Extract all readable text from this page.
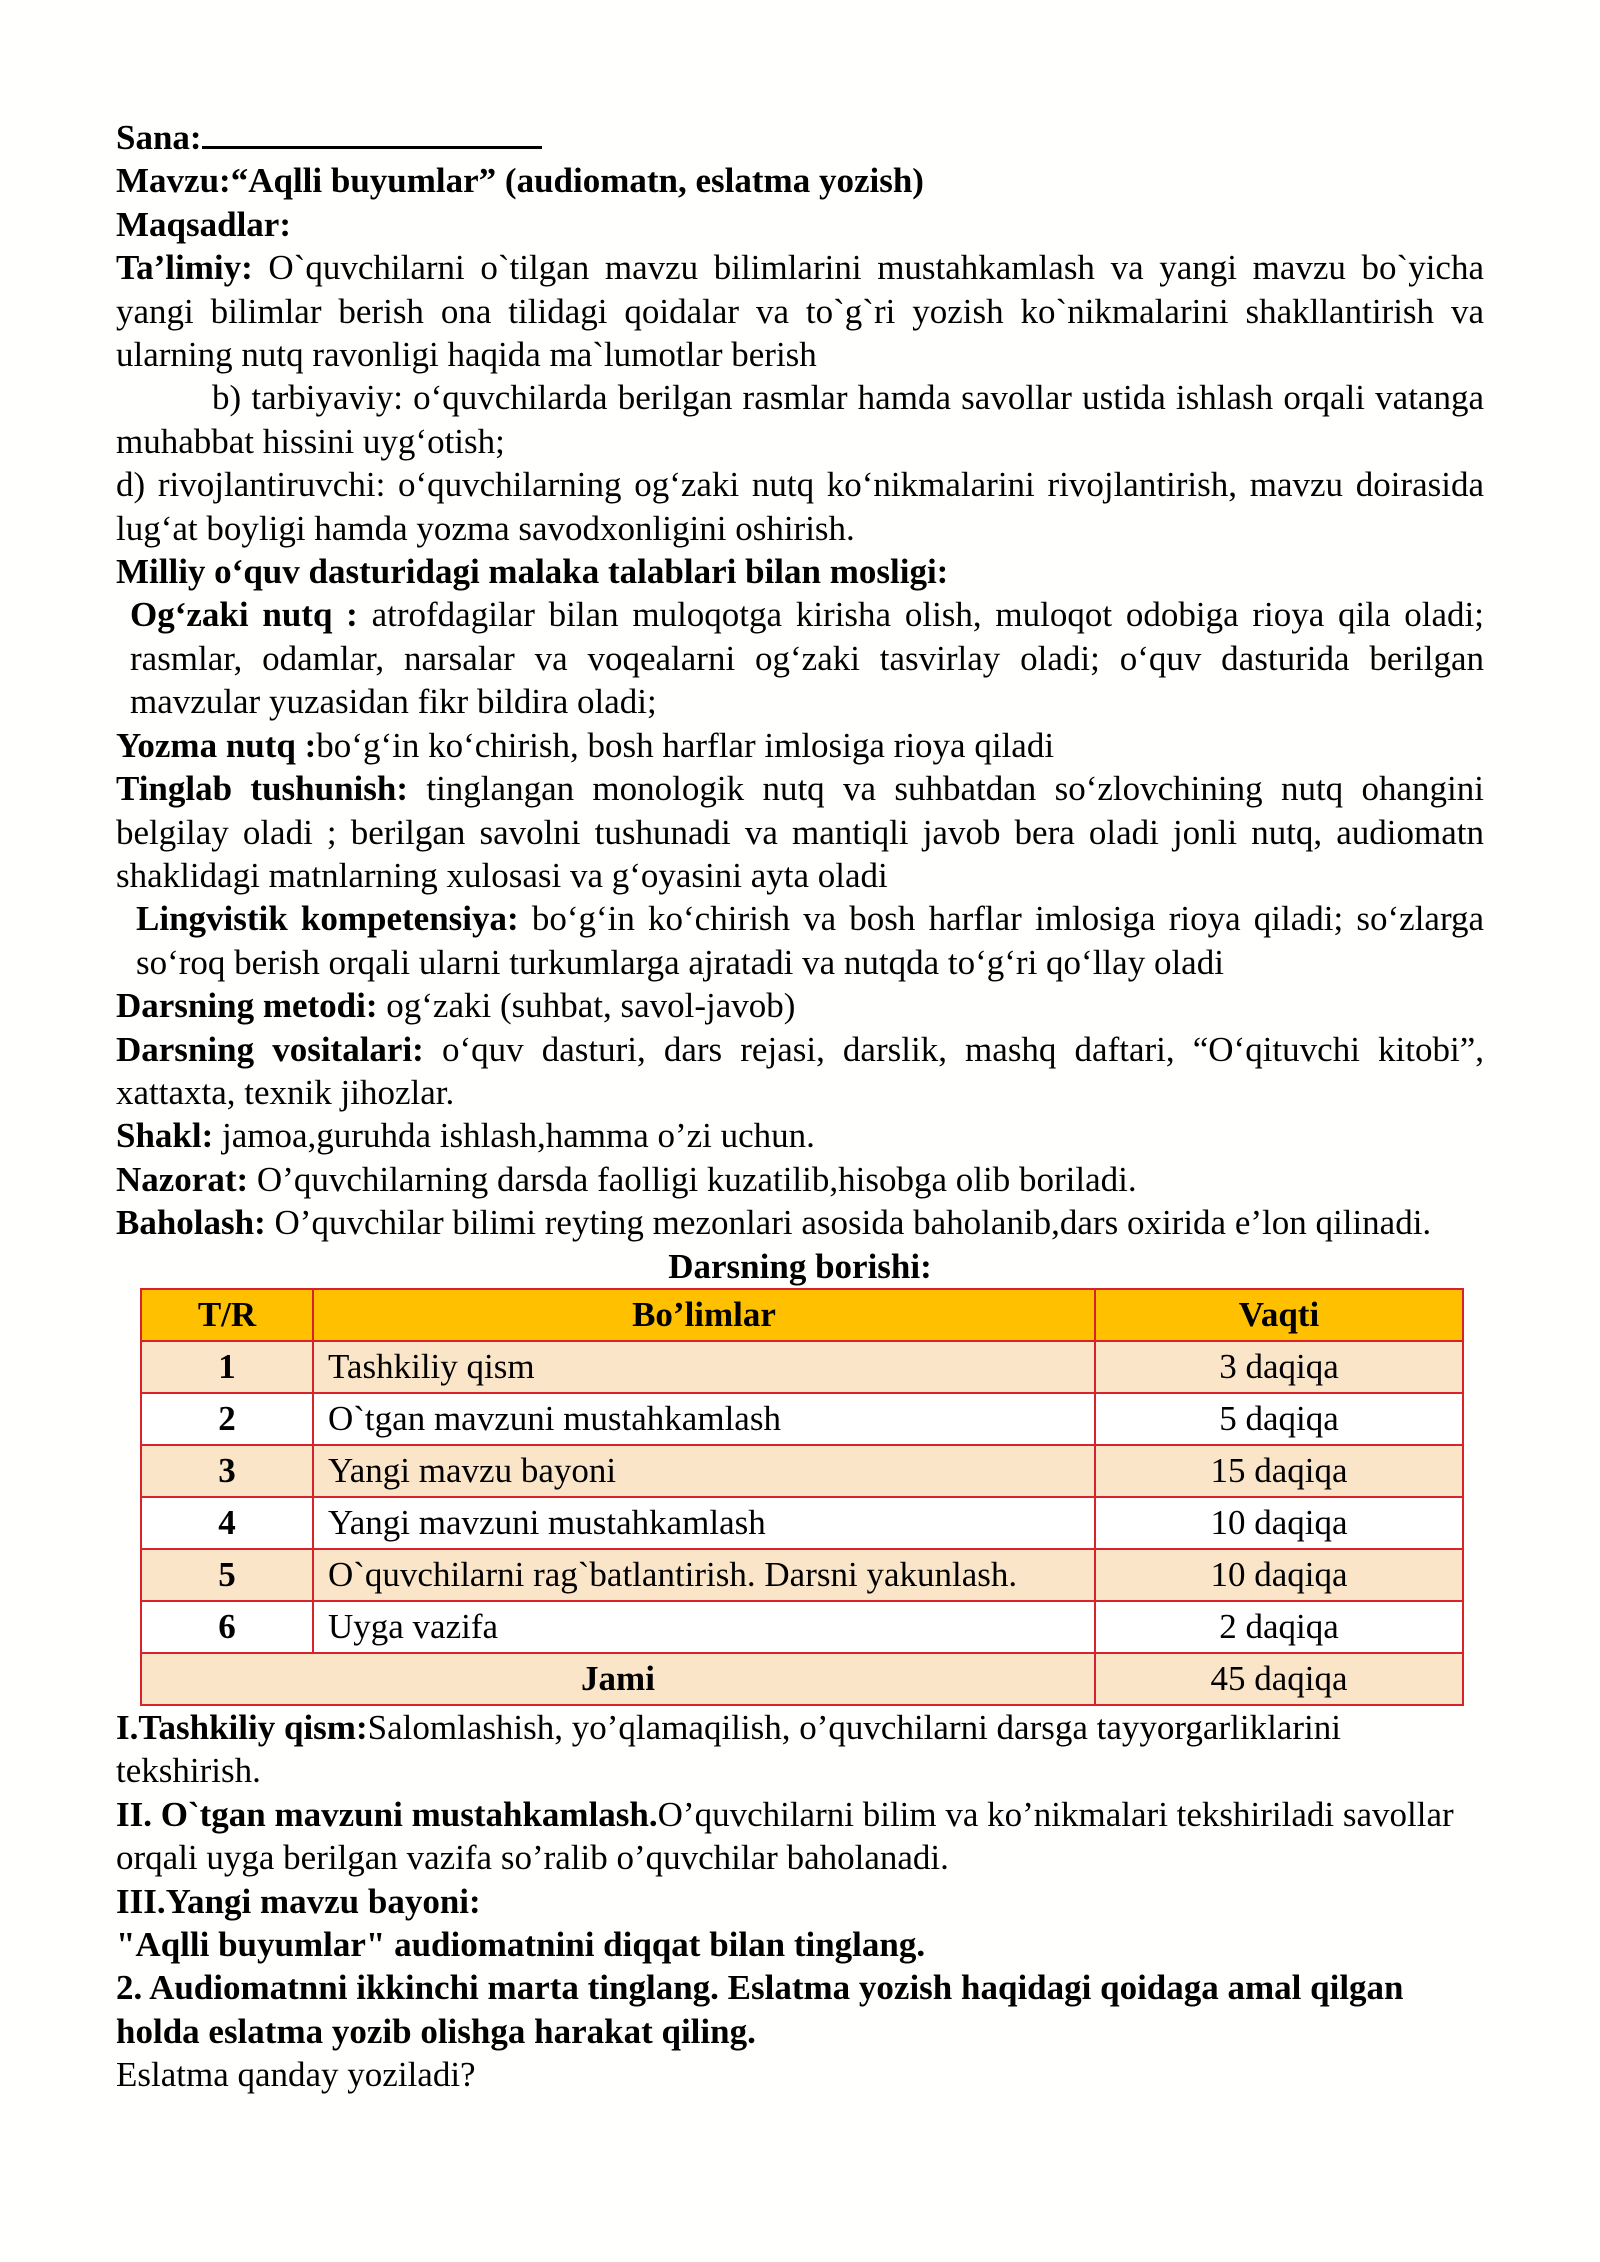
Sana:

Mavzu:“Aqlli buyumlar” (audiomatn, eslatma yozish)

Maqsadlar:

Ta’limiy: O`quvchilarni o`tilgan mavzu bilimlarini mustahkamlash va yangi mavzu bo`yicha yangi bilimlar berish ona tilidagi qoidalar va to`g`ri yozish ko`nikmalarini shakllantirish va ularning nutq ravonligi haqida ma`lumotlar berish

b) tarbiyaviy: o‘quvchilarda berilgan rasmlar hamda savollar ustida ishlash orqali vatanga muhabbat hissini uyg‘otish;

d) rivojlantiruvchi: o‘quvchilarning og‘zaki nutq ko‘nikmalarini rivojlantirish, mavzu doirasida lug‘at boyligi hamda yozma savodxonligini oshirish.

Milliy o‘quv dasturidagi malaka talablari bilan mosligi:

Og‘zaki nutq : atrofdagilar bilan muloqotga kirisha olish, muloqot odobiga rioya qila oladi; rasmlar, odamlar, narsalar va voqealarni og‘zaki tasvirlay oladi; o‘quv dasturida berilgan mavzular yuzasidan fikr bildira oladi;

Yozma nutq :bo‘g‘in ko‘chirish, bosh harflar imlosiga rioya qiladi

Tinglab tushunish: tinglangan monologik nutq va suhbatdan so‘zlovchining nutq ohangini belgilay oladi ; berilgan savolni tushunadi va mantiqli javob bera oladi jonli nutq, audiomatn shaklidagi matnlarning xulosasi va g‘oyasini ayta oladi

Lingvistik kompetensiya: bo‘g‘in ko‘chirish va bosh harflar imlosiga rioya qiladi; so‘zlarga so‘roq berish orqali ularni turkumlarga ajratadi va nutqda to‘g‘ri qo‘llay oladi

Darsning metodi: og‘zaki (suhbat, savol-javob)

Darsning vositalari: o‘quv dasturi, dars rejasi, darslik, mashq daftari, “O‘qituvchi kitobi”, xattaxta, texnik jihozlar.

Shakl: jamoa,guruhda ishlash,hamma o’zi uchun.

Nazorat: O’quvchilarning darsda faolligi kuzatilib,hisobga olib boriladi.

Baholash: O’quvchilar bilimi reyting mezonlari asosida baholanib,dars oxirida e’lon qilinadi.

Darsning borishi:

T/R	Bo’limlar	Vaqti
1	Tashkiliy qism	3 daqiqa
2	O`tgan mavzuni mustahkamlash	5 daqiqa
3	Yangi mavzu bayoni	15 daqiqa
4	Yangi mavzuni mustahkamlash	10 daqiqa
5	O`quvchilarni rag`batlantirish. Darsni yakunlash.	10 daqiqa
6	Uyga vazifa	2 daqiqa
Jami		45 daqiqa

I.Tashkiliy qism:Salomlashish, yo’qlamaqilish, o’quvchilarni darsga tayyorgarliklarini tekshirish.

II. O`tgan mavzuni mustahkamlash.O’quvchilarni bilim va ko’nikmalari tekshiriladi savollar orqali uyga berilgan vazifa so’ralib o’quvchilar baholanadi.

III.Yangi mavzu bayoni:

"Aqlli buyumlar" audiomatnini diqqat bilan tinglang.

2. Audiomatnni ikkinchi marta tinglang. Eslatma yozish haqidagi qoidaga amal qilgan holda eslatma yozib olishga harakat qiling.

Eslatma qanday yoziladi?
